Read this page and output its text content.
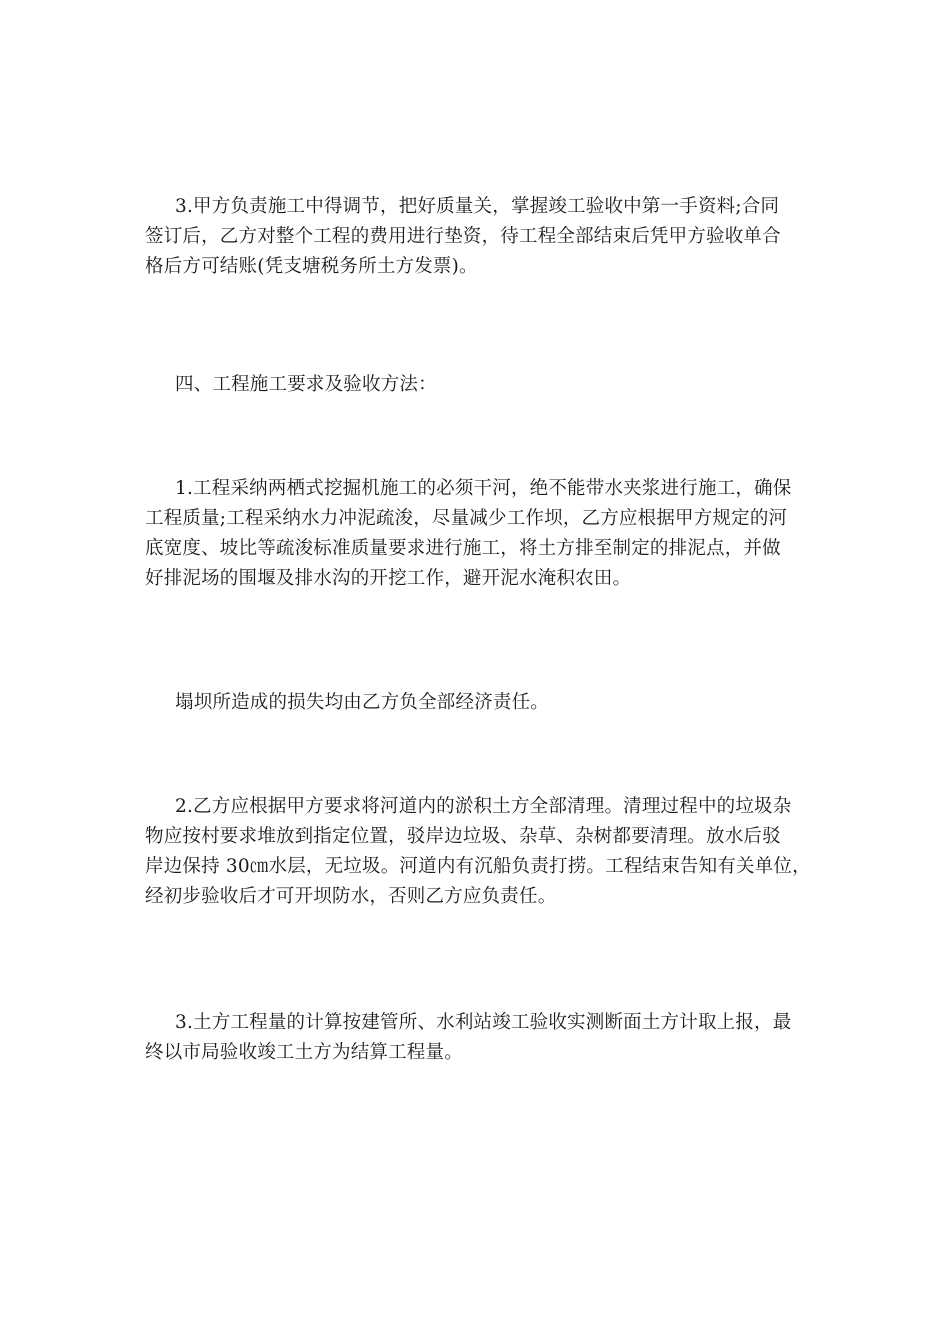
3.甲方负责施工中得调节，把好质量关，掌握竣工验收中第一手资料;合同
签订后，乙方对整个工程的费用进行垫资，待工程全部结束后凭甲方验收单合
格后方可结账(凭支塘税务所土方发票)。
四、工程施工要求及验收方法：
1.工程采纳两栖式挖掘机施工的必须干河，绝不能带水夹浆进行施工，确保
工程质量;工程采纳水力冲泥疏浚，尽量减少工作坝，乙方应根据甲方规定的河
底宽度、坡比等疏浚标准质量要求进行施工，将土方排至制定的排泥点，并做
好排泥场的围堰及排水沟的开挖工作，避开泥水淹积农田。
塌坝所造成的损失均由乙方负全部经济责任。
2.乙方应根据甲方要求将河道内的淤积土方全部清理。清理过程中的垃圾杂
物应按村要求堆放到指定位置，驳岸边垃圾、杂草、杂树都要清理。放水后驳
岸边保持 30㎝水层，无垃圾。河道内有沉船负责打捞。工程结束告知有关单位，
经初步验收后才可开坝防水，否则乙方应负责任。
3.土方工程量的计算按建管所、水利站竣工验收实测断面土方计取上报，最
终以市局验收竣工土方为结算工程量。
